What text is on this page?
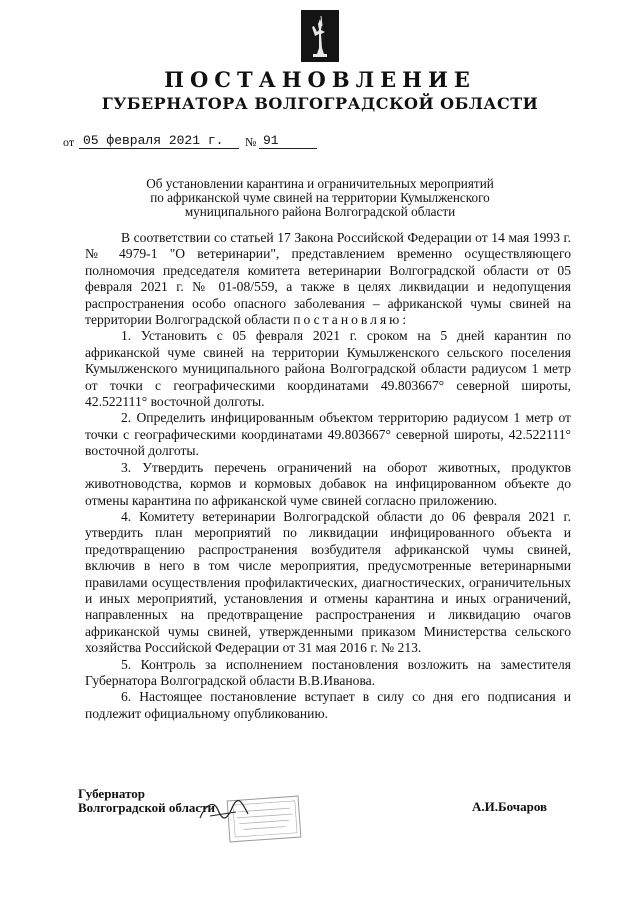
ПОСТАНОВЛЕНИЕ
ГУБЕРНАТОРА ВОЛГОГРАДСКОЙ ОБЛАСТИ
от 05 февраля 2021 г.	№ 91
Об установлении карантина и ограничительных мероприятий
по африканской чуме свиней на территории Кумылженского
муниципального района Волгоградской области

В соответствии со статьей 17 Закона Российской Федерации от 14 мая 1993 г. № 4979-1 "О ветеринарии", представлением временно осуществляющего полномочия председателя комитета ветеринарии Волгоградской области от 05 февраля 2021 г. № 01-08/559, а также в целях ликвидации и недопущения распространения особо опасного заболевания – африканской чумы свиней на территории Волгоградской области постановляю:

1. Установить с 05 февраля 2021 г. сроком на 5 дней карантин по африканской чуме свиней на территории Кумылженского сельского поселения Кумылженского муниципального района Волгоградской области радиусом 1 метр от точки с географическими координатами 49.803667° северной широты, 42.522111° восточной долготы.

2. Определить инфицированным объектом территорию радиусом 1 метр от точки с географическими координатами 49.803667° северной широты, 42.522111° восточной долготы.

3. Утвердить перечень ограничений на оборот животных, продуктов животноводства, кормов и кормовых добавок на инфицированном объекте до отмены карантина по африканской чуме свиней согласно приложению.

4. Комитету ветеринарии Волгоградской области до 06 февраля 2021 г. утвердить план мероприятий по ликвидации инфицированного объекта и предотвращению распространения возбудителя африканской чумы свиней, включив в него в том числе мероприятия, предусмотренные ветеринарными правилами осуществления профилактических, диагностических, ограничительных и иных мероприятий, установления и отмены карантина и иных ограничений, направленных на предотвращение распространения и ликвидацию очагов африканской чумы свиней, утвержденными приказом Министерства сельского хозяйства Российской Федерации от 31 мая 2016 г. № 213.

5. Контроль за исполнением постановления возложить на заместителя Губернатора Волгоградской области В.В.Иванова.

6. Настоящее постановление вступает в силу со дня его подписания и подлежит официальному опубликованию.

Губернатор
Волгоградской области	А.И.Бочаров
